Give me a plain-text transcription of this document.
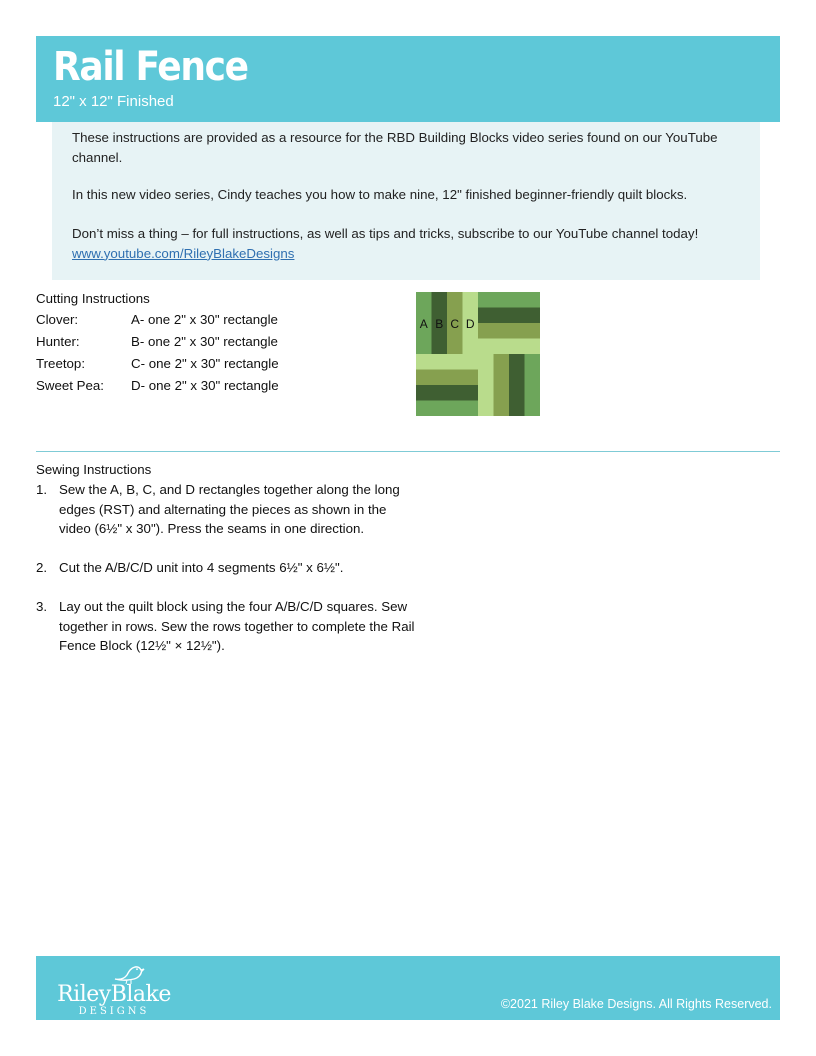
Rail Fence
12" x 12" Finished

These instructions are provided as a resource for the RBD Building Blocks video series found on our YouTube channel.

In this new video series, Cindy teaches you how to make nine, 12" finished beginner-friendly quilt blocks.

Don’t miss a thing – for full instructions, as well as tips and tricks, subscribe to our YouTube channel today! www.youtube.com/RileyBlakeDesigns

Cutting Instructions
Clover:	A- one 2" x 30" rectangle
Hunter:	B- one 2" x 30" rectangle
Treetop:	C- one 2" x 30" rectangle
Sweet Pea:	D- one 2" x 30" rectangle
A B C D
Sewing Instructions
1. Sew the A, B, C, and D rectangles together along the long edges (RST) and alternating the pieces as shown in the video (6½" x 30"). Press the seams in one direction.
2. Cut the A/B/C/D unit into 4 segments 6½" x 6½".
3. Lay out the quilt block using the four A/B/C/D squares. Sew together in rows. Sew the rows together to complete the Rail Fence Block (12½" × 12½").
RileyBlake
DESIGNS
©2021 Riley Blake Designs. All Rights Reserved.
